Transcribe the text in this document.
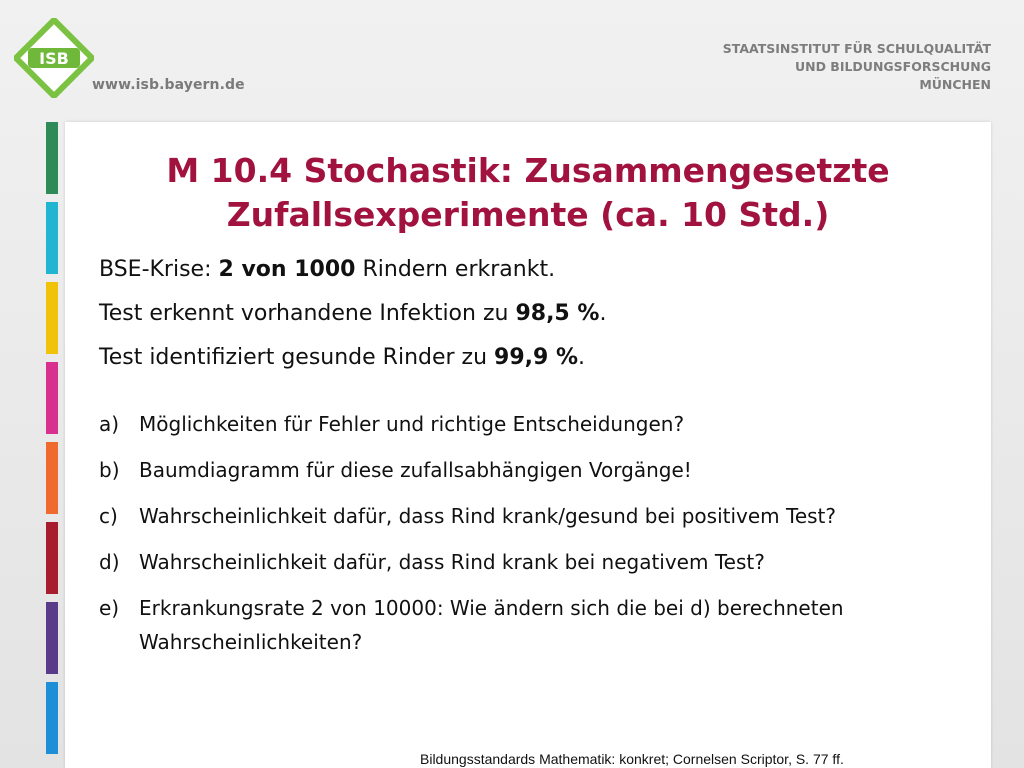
ISB
www.isb.bayern.de
STAATSINSTITUT FÜR SCHULQUALITÄT
UND BILDUNGSFORSCHUNG
MÜNCHEN
M 10.4 Stochastik: Zusammengesetzte
Zufallsexperimente (ca. 10 Std.)
BSE-Krise: 2 von 1000 Rindern erkrankt.
Test erkennt vorhandene Infektion zu 98,5 %.
Test identifiziert gesunde Rinder zu 99,9 %.
a) Möglichkeiten für Fehler und richtige Entscheidungen?
b) Baumdiagramm für diese zufallsabhängigen Vorgänge!
c)	Wahrscheinlichkeit dafür, dass Rind krank/gesund bei positivem Test?
d) Wahrscheinlichkeit dafür, dass Rind krank bei negativem Test?
e) Erkrankungsrate 2 von 10000: Wie ändern sich die bei d) berechneten Wahrscheinlichkeiten?
Bildungsstandards Mathematik: konkret; Cornelsen Scriptor, S. 77 ff.
